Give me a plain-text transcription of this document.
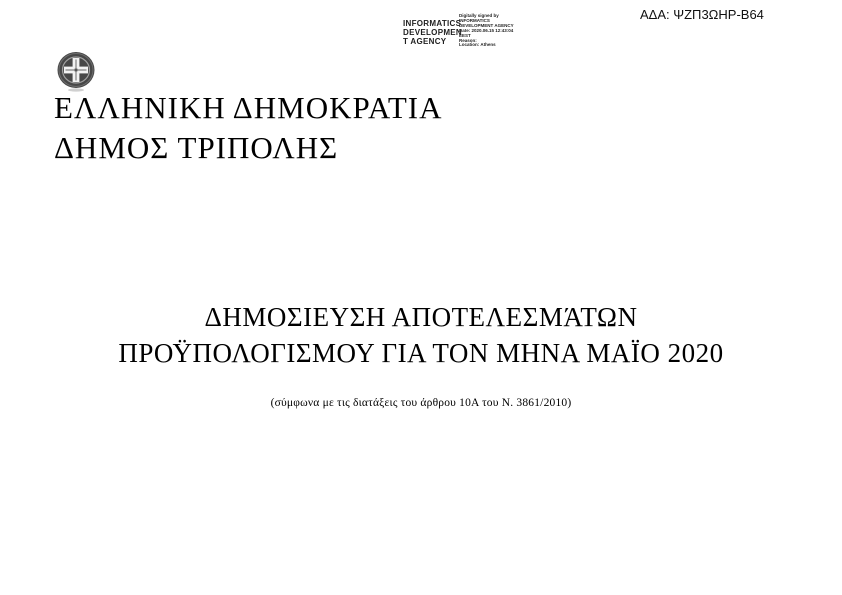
INFORMATICS
DEVELOPMEN
T AGENCY
Digitally signed by
INFORMATICS
DEVELOPMENT AGENCY
Date: 2020.06.15 12:43:04
EEST
Reason:
Location: Athens
ΑΔΑ: ΨΖΠ3ΩΗΡ-Β64
ΕΛΛΗΝΙΚΗ ΔΗΜΟΚΡΑΤΙΑ
ΔΗΜΟΣ ΤΡΙΠΟΛΗΣ
ΔΗΜΟΣΙΕΥΣΗ ΑΠΟΤΕΛΕΣΜΆΤΩΝ
ΠΡΟΫΠΟΛΟΓΙΣΜΟΥ ΓΙΑ ΤΟΝ ΜΗΝΑ ΜΑΪΟ 2020
(σύμφωνα με τις διατάξεις του άρθρου 10Α του Ν. 3861/2010)
